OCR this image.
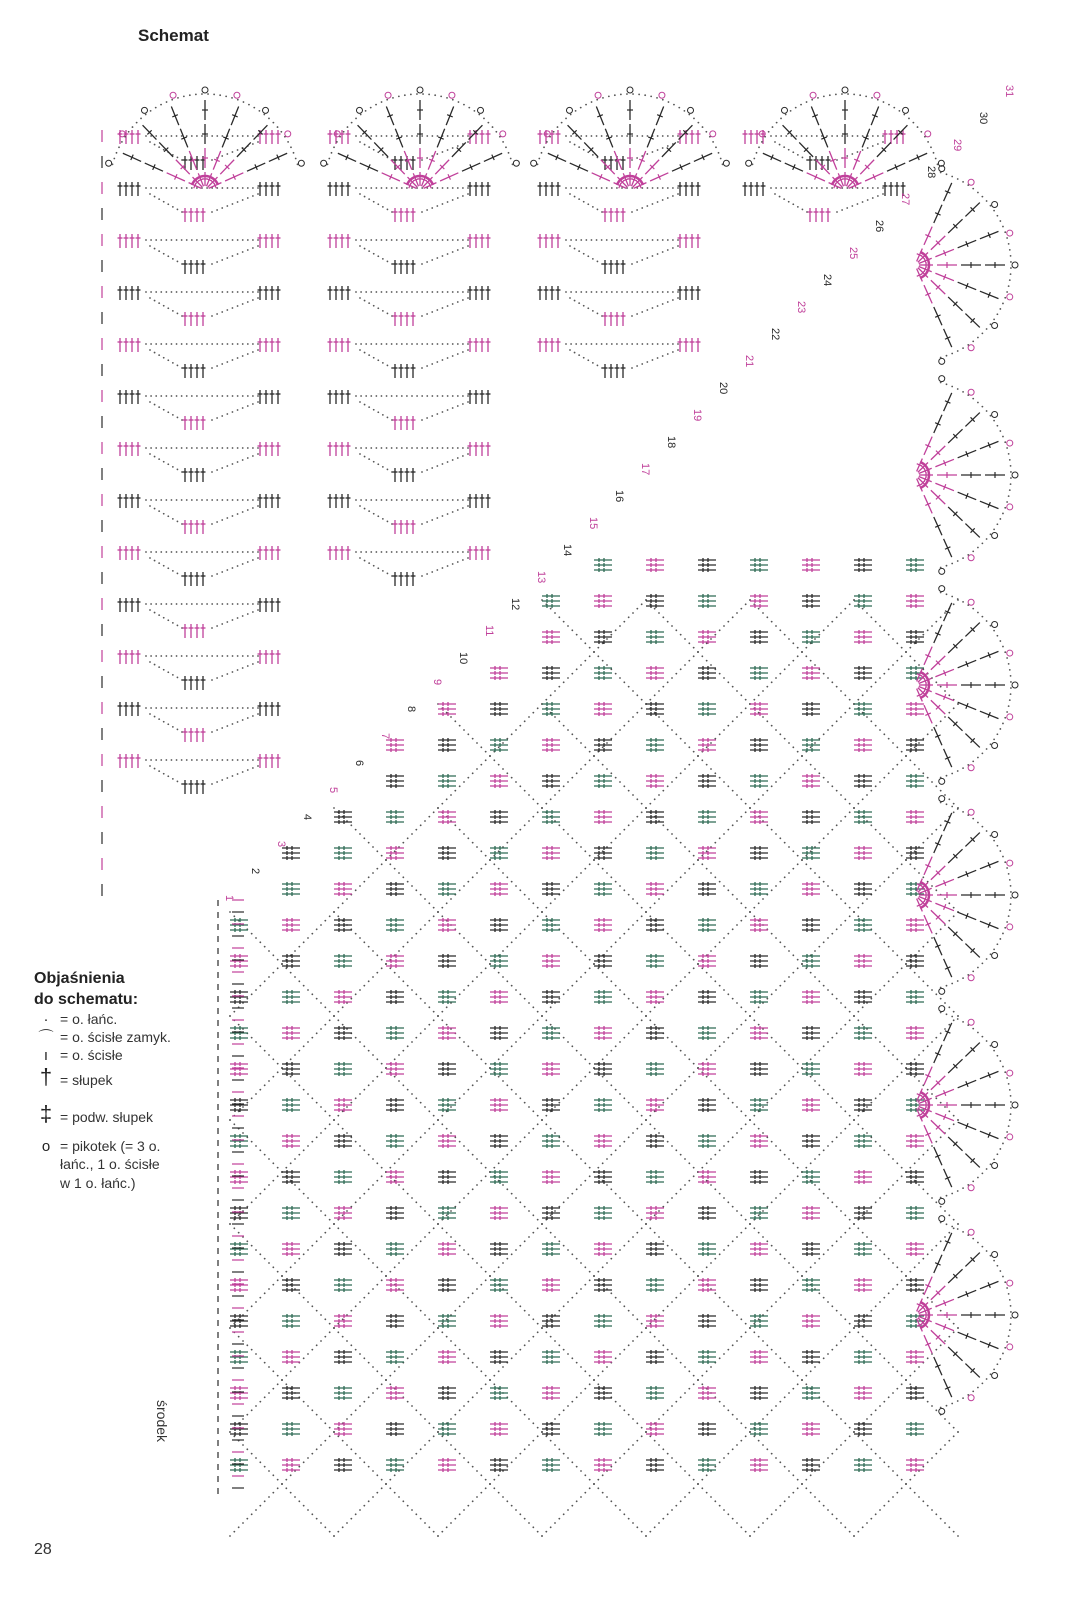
Schemat
1
2
3
4
5
6
7
8
9
10
11
12
13
14
15
16
17
18
19
20
21
22
23
24
25
26
27
28
29
30
31
Objaśnienia
do schematu:
· = o. łańc.
⌒ = o. ścisłe zamyk.
ı = o. ścisłe
† = słupek
‡ = podw. słupek
o = pikotek (= 3 o.
łańc., 1 o. ścisłe
w 1 o. łańc.)
środek
28
